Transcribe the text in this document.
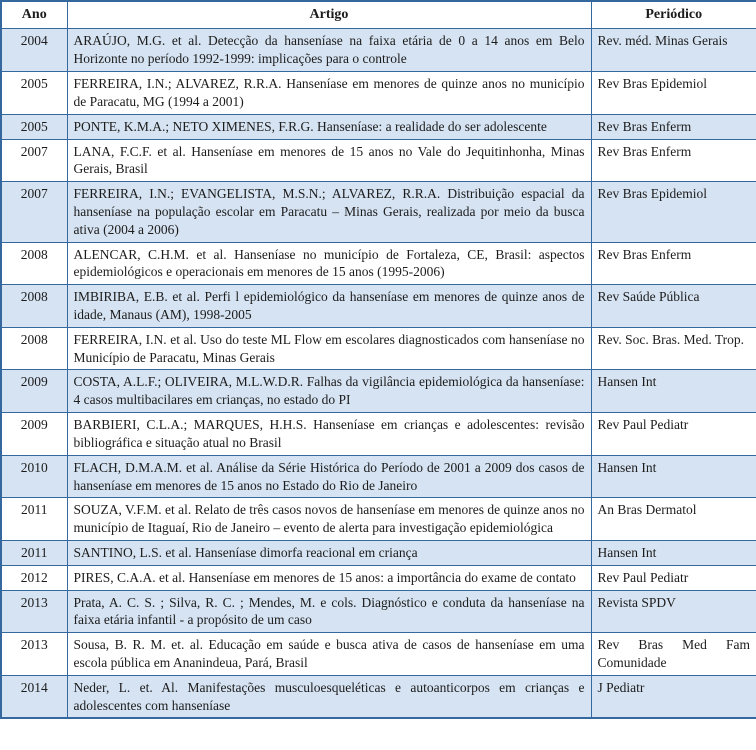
Ano	Artigo	Periódico
2004	ARAÚJO, M.G. et al. Detecção da hanseníase na faixa etária de 0 a 14 anos em Belo Horizonte no período 1992-1999: implicações para o controle	Rev. méd. Minas Gerais
2005	FERREIRA, I.N.; ALVAREZ, R.R.A. Hanseníase em menores de quinze anos no município de Paracatu, MG (1994 a 2001)	Rev Bras Epidemiol
2005	PONTE, K.M.A.; NETO XIMENES, F.R.G. Hanseníase: a realidade do ser adolescente	Rev Bras Enferm
2007	LANA, F.C.F. et al. Hanseníase em menores de 15 anos no Vale do Jequitinhonha, Minas Gerais, Brasil	Rev Bras Enferm
2007	FERREIRA, I.N.; EVANGELISTA, M.S.N.; ALVAREZ, R.R.A. Distribuição espacial da hanseníase na população escolar em Paracatu – Minas Gerais, realizada por meio da busca ativa (2004 a 2006)	Rev Bras Epidemiol
2008	ALENCAR, C.H.M. et al. Hanseníase no município de Fortaleza, CE, Brasil: aspectos epidemiológicos e operacionais em menores de 15 anos (1995-2006)	Rev Bras Enferm
2008	IMBIRIBA, E.B. et al. Perfi l epidemiológico da hanseníase em menores de quinze anos de idade, Manaus (AM), 1998-2005	Rev Saúde Pública
2008	FERREIRA, I.N. et al. Uso do teste ML Flow em escolares diagnosticados com hanseníase no Município de Paracatu, Minas Gerais	Rev. Soc. Bras. Med. Trop.
2009	COSTA, A.L.F.; OLIVEIRA, M.L.W.D.R. Falhas da vigilância epidemiológica da hanseníase: 4 casos multibacilares em crianças, no estado do PI	Hansen Int
2009	BARBIERI, C.L.A.; MARQUES, H.H.S. Hanseníase em crianças e adolescentes: revisão bibliográfica e situação atual no Brasil	Rev Paul Pediatr
2010	FLACH, D.M.A.M. et al. Análise da Série Histórica do Período de 2001 a 2009 dos casos de hanseníase em menores de 15 anos no Estado do Rio de Janeiro	Hansen Int
2011	SOUZA, V.F.M. et al. Relato de três casos novos de hanseníase em menores de quinze anos no município de Itaguaí, Rio de Janeiro – evento de alerta para investigação epidemiológica	An Bras Dermatol
2011	SANTINO, L.S. et al. Hanseníase dimorfa reacional em criança	Hansen Int
2012	PIRES, C.A.A. et al. Hanseníase em menores de 15 anos: a importância do exame de contato	Rev Paul Pediatr
2013	Prata, A. C. S. ; Silva, R. C. ; Mendes, M. e cols. Diagnóstico e conduta da hanseníase na faixa etária infantil - a propósito de um caso	Revista SPDV
2013	Sousa, B. R. M. et. al. Educação em saúde e busca ativa de casos de hanseníase em uma escola pública em Ananindeua, Pará, Brasil	Rev Bras Med Fam Comunidade
2014	Neder, L. et. Al. Manifestações musculoesqueléticas e autoanticorpos em crianças e adolescentes com hanseníase	J Pediatr
